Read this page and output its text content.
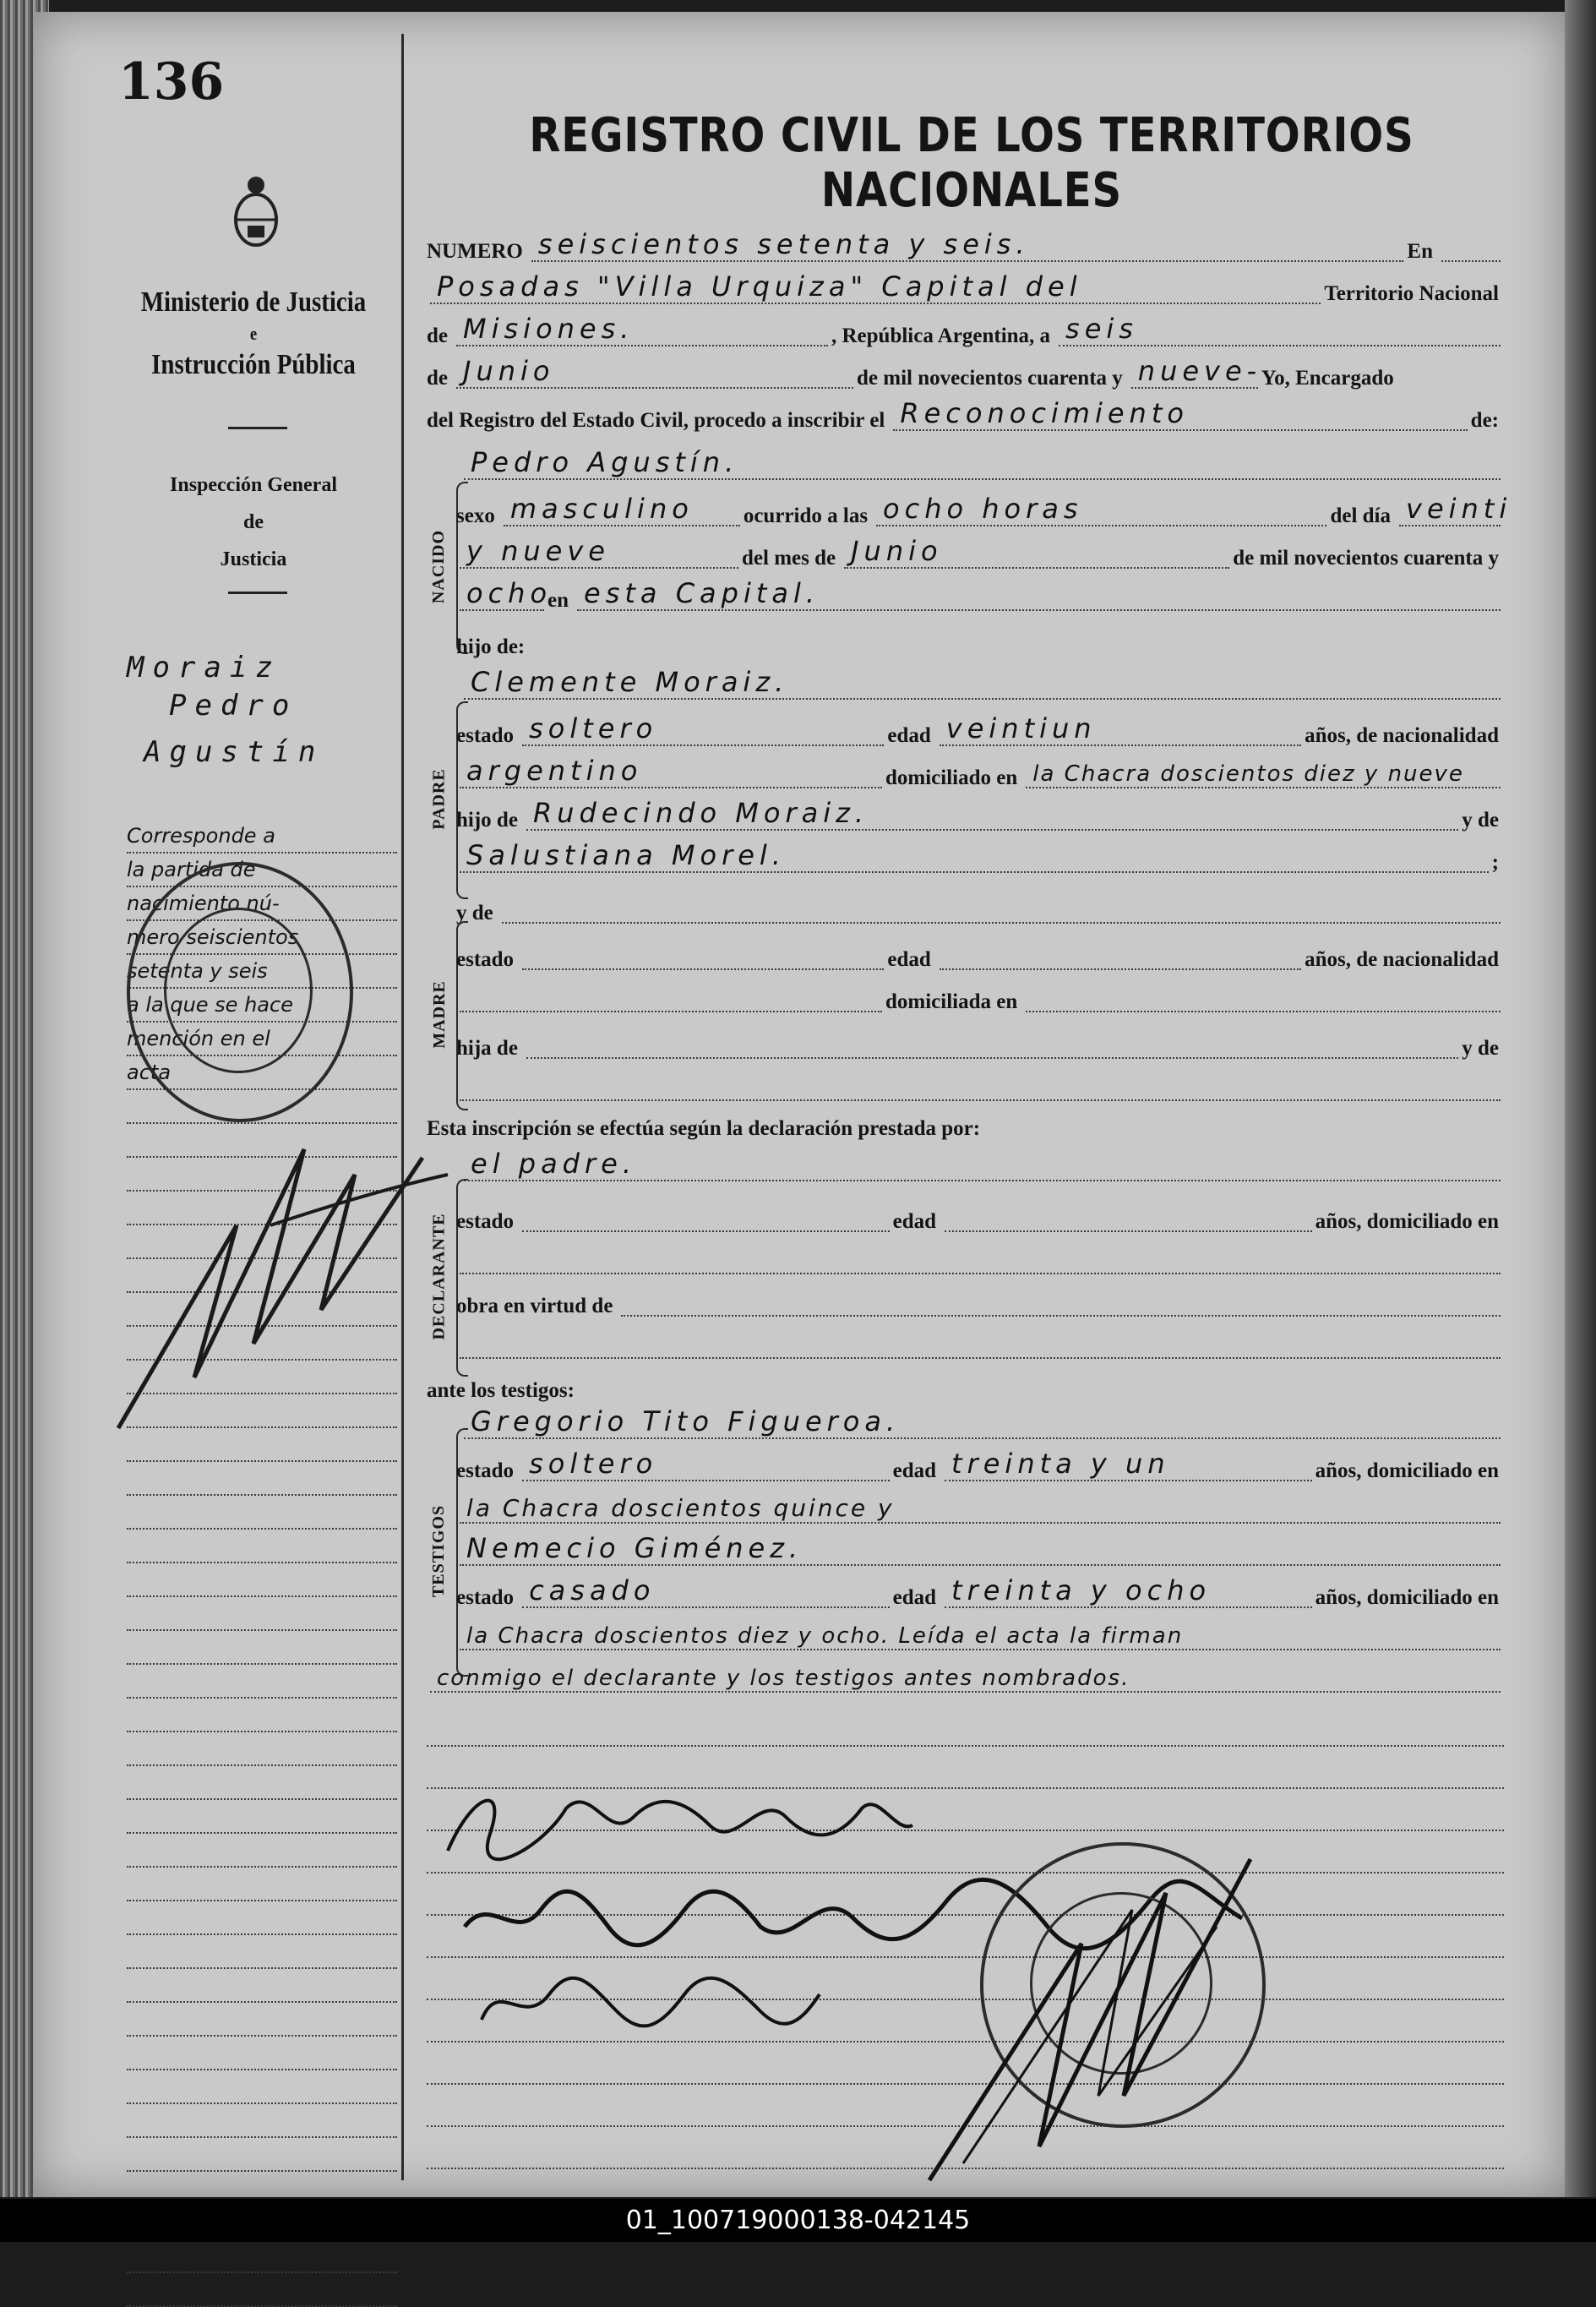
136
Ministerio de Justicia
e
Instrucción Pública
Inspección General
de
Justicia
Moraiz
Pedro
Agustín
Corresponde a
la partida de
nacimiento nú-
mero seiscientos
setenta y seis
a la que se hace
mención en el
acta

REGISTRO CIVIL DE LOS TERRITORIOS NACIONALES
NUMERO seiscientos setenta y seis.	En
Posadas "Villa Urquiza" Capital del	Territorio Nacional
de Misiones.	, República Argentina, a seis
de Junio	de mil novecientos cuarenta y nueve- Yo, Encargado
del Registro del Estado Civil, procedo a inscribir el Reconocimiento	de:
Pedro Agustín.
NACIDO
sexo masculino ocurrido a las ocho horas	del día veinti
y nueve	del mes de Junio	de mil novecientos cuarenta y
ocho
en esta Capital.
hijo de:
Clemente Moraiz.
PADRE
estado soltero	edad veintiun	años, de nacionalidad
argentino	domiciliado en la Chacra doscientos diez y nueve
hijo de Rudecindo Moraiz.	y de
Salustiana Morel.	;
y de
MADRE
estado	edad	años, de nacionalidad
domiciliada en
hija de	y de
Esta inscripción se efectúa según la declaración prestada por:
el padre.
DECLARANTE estado	edad	años, domiciliado en
obra en virtud de
ante los testigos:
Gregorio Tito Figueroa.
TESTIGOS
estado soltero	edad treinta y un	años, domiciliado en
la Chacra doscientos quince y
Nemecio Giménez.
estado casado	edad treinta y ocho	años, domiciliado en
la Chacra doscientos diez y ocho. Leída el acta la firman
conmigo el declarante y los testigos antes nombrados.
01_100719000138-042145
